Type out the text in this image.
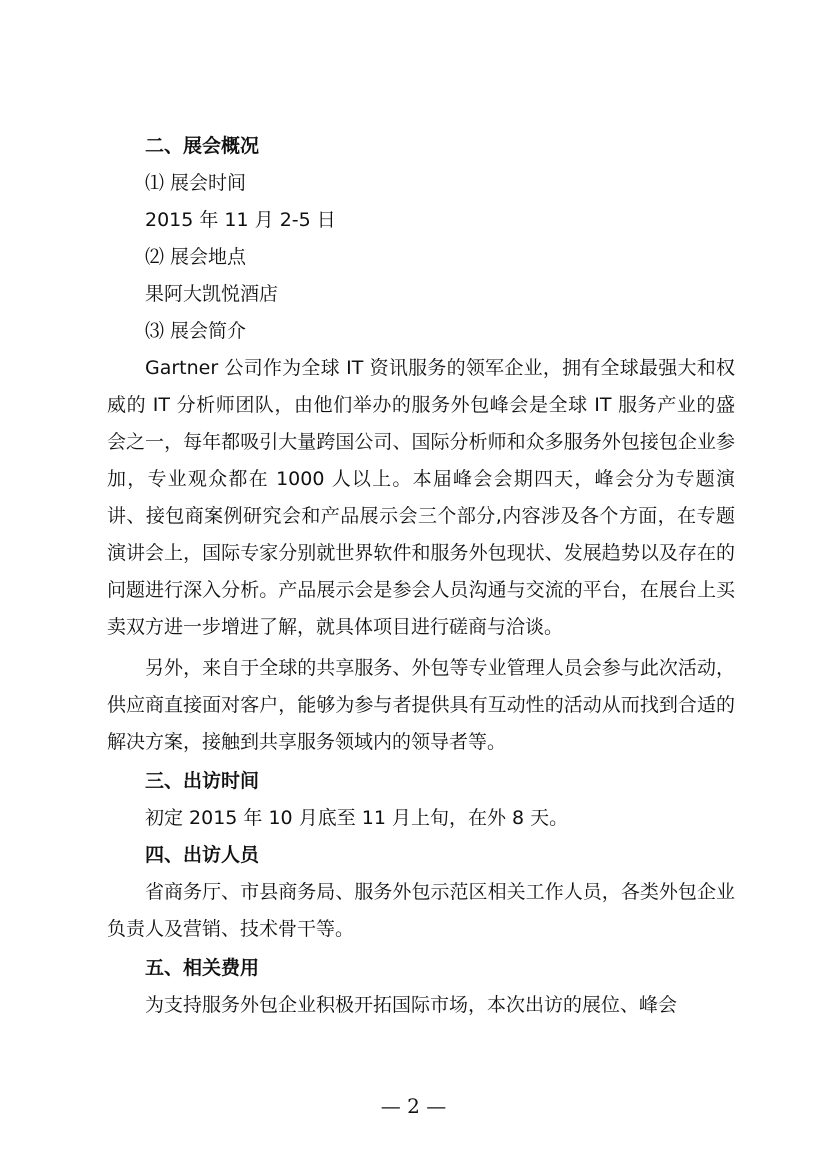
二、展会概况
⑴ 展会时间
2015 年 11 月 2-5 日
⑵ 展会地点
果阿大凯悦酒店
⑶ 展会简介

Gartner 公司作为全球 IT 资讯服务的领军企业，拥有全球最强大和权威的 IT 分析师团队，由他们举办的服务外包峰会是全球 IT 服务产业的盛会之一，每年都吸引大量跨国公司、国际分析师和众多服务外包接包企业参加，专业观众都在 1000 人以上。本届峰会会期四天，峰会分为专题演讲、接包商案例研究会和产品展示会三个部分,内容涉及各个方面，在专题演讲会上，国际专家分别就世界软件和服务外包现状、发展趋势以及存在的问题进行深入分析。产品展示会是参会人员沟通与交流的平台，在展台上买卖双方进一步增进了解，就具体项目进行磋商与洽谈。

另外，来自于全球的共享服务、外包等专业管理人员会参与此次活动，供应商直接面对客户，能够为参与者提供具有互动性的活动从而找到合适的解决方案，接触到共享服务领域内的领导者等。

三、出访时间
初定 2015 年 10 月底至 11 月上旬，在外 8 天。
四、出访人员

省商务厅、市县商务局、服务外包示范区相关工作人员，各类外包企业负责人及营销、技术骨干等。

五、相关费用
为支持服务外包企业积极开拓国际市场，本次出访的展位、峰会
— 2 —
